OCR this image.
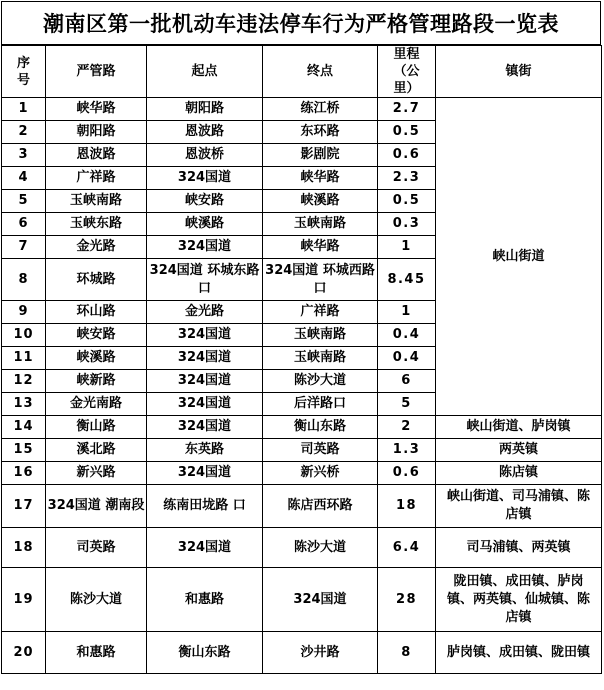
潮南区第一批机动车违法停车行为严格管理路段一览表
序号	严管路	起点	终点	里程（公里）	镇街
1	峡华路	朝阳路	练江桥	2.7	峡山街道
2	朝阳路	恩波路	东环路	0.5	
3	恩波路	恩波桥	影剧院	0.6	
4	广祥路	324国道	峡华路	2.3	
5	玉峡南路	峡安路	峡溪路	0.5	
6	玉峡东路	峡溪路	玉峡南路	0.3	
7	金光路	324国道	峡华路	1	
8	环城路	324国道 环城东路口	324国道 环城西路口	8.45	
9	环山路	金光路	广祥路	1	
10	峡安路	324国道	玉峡南路	0.4	
11	峡溪路	324国道	玉峡南路	0.4	
12	峡新路	324国道	陈沙大道	6	
13	金光南路	324国道	后洋路口	5	
14	衡山路	324国道	衡山东路	2	峡山街道、胪岗镇
15	溪北路	东英路	司英路	1.3	两英镇
16	新兴路	324国道	新兴桥	0.6	陈店镇
17	324国道 潮南段	练南田垅路 口	陈店西环路	18	峡山街道、司马浦镇、陈店镇
18	司英路	324国道	陈沙大道	6.4	司马浦镇、两英镇
19	陈沙大道	和惠路	324国道	28	陇田镇、成田镇、胪岗镇、两英镇、仙城镇、陈店镇
20	和惠路	衡山东路	沙井路	8	胪岗镇、成田镇、陇田镇
